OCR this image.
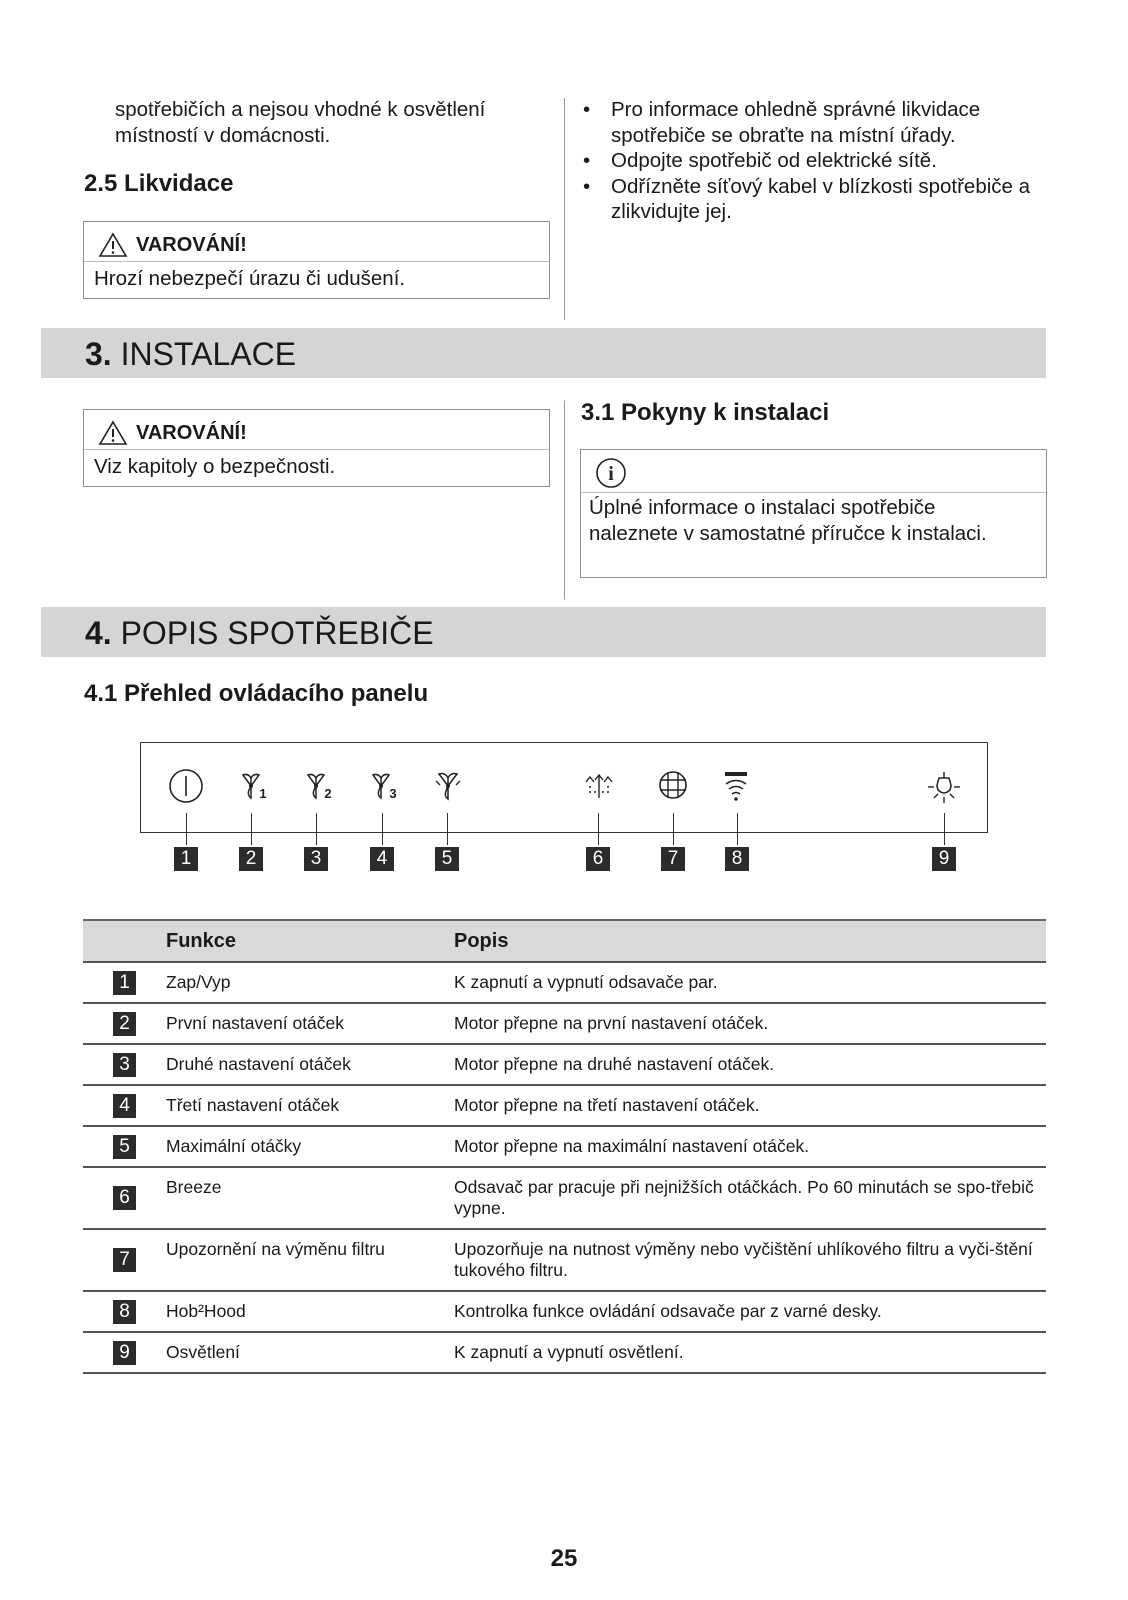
spotřebičích a nejsou vhodné k osvětlení
místností v domácnosti.
2.5 Likvidace
VAROVÁNÍ!
Hrozí nebezpečí úrazu či udušení.
• Pro informace ohledně správné likvidace spotřebiče se obraťte na místní úřady.
• Odpojte spotřebič od elektrické sítě.
• Odřízněte síťový kabel v blízkosti spotřebiče a zlikvidujte jej.
3. INSTALACE
VAROVÁNÍ!
Viz kapitoly o bezpečnosti.
3.1 Pokyny k instalaci
i
Úplné informace o instalaci spotřebiče naleznete v samostatné příručce k instalaci.
4. POPIS SPOTŘEBIČE
4.1 Přehled ovládacího panelu
1	2	3
1	2	3	4	5	6	7	8	9
	Funkce	Popis
1	Zap/Vyp	K zapnutí a vypnutí odsavače par.
2	První nastavení otáček	Motor přepne na první nastavení otáček.
3	Druhé nastavení otáček	Motor přepne na druhé nastavení otáček.
4	Třetí nastavení otáček	Motor přepne na třetí nastavení otáček.
5	Maximální otáčky	Motor přepne na maximální nastavení otáček.
6	Breeze	Odsavač par pracuje při nejnižších otáčkách. Po 60 minutách se spo-třebič vypne.
7	Upozornění na výměnu filtru	Upozorňuje na nutnost výměny nebo vyčištění uhlíkového filtru a vyči-štění tukového filtru.
8	Hob²Hood	Kontrolka funkce ovládání odsavače par z varné desky.
9	Osvětlení	K zapnutí a vypnutí osvětlení.
25
